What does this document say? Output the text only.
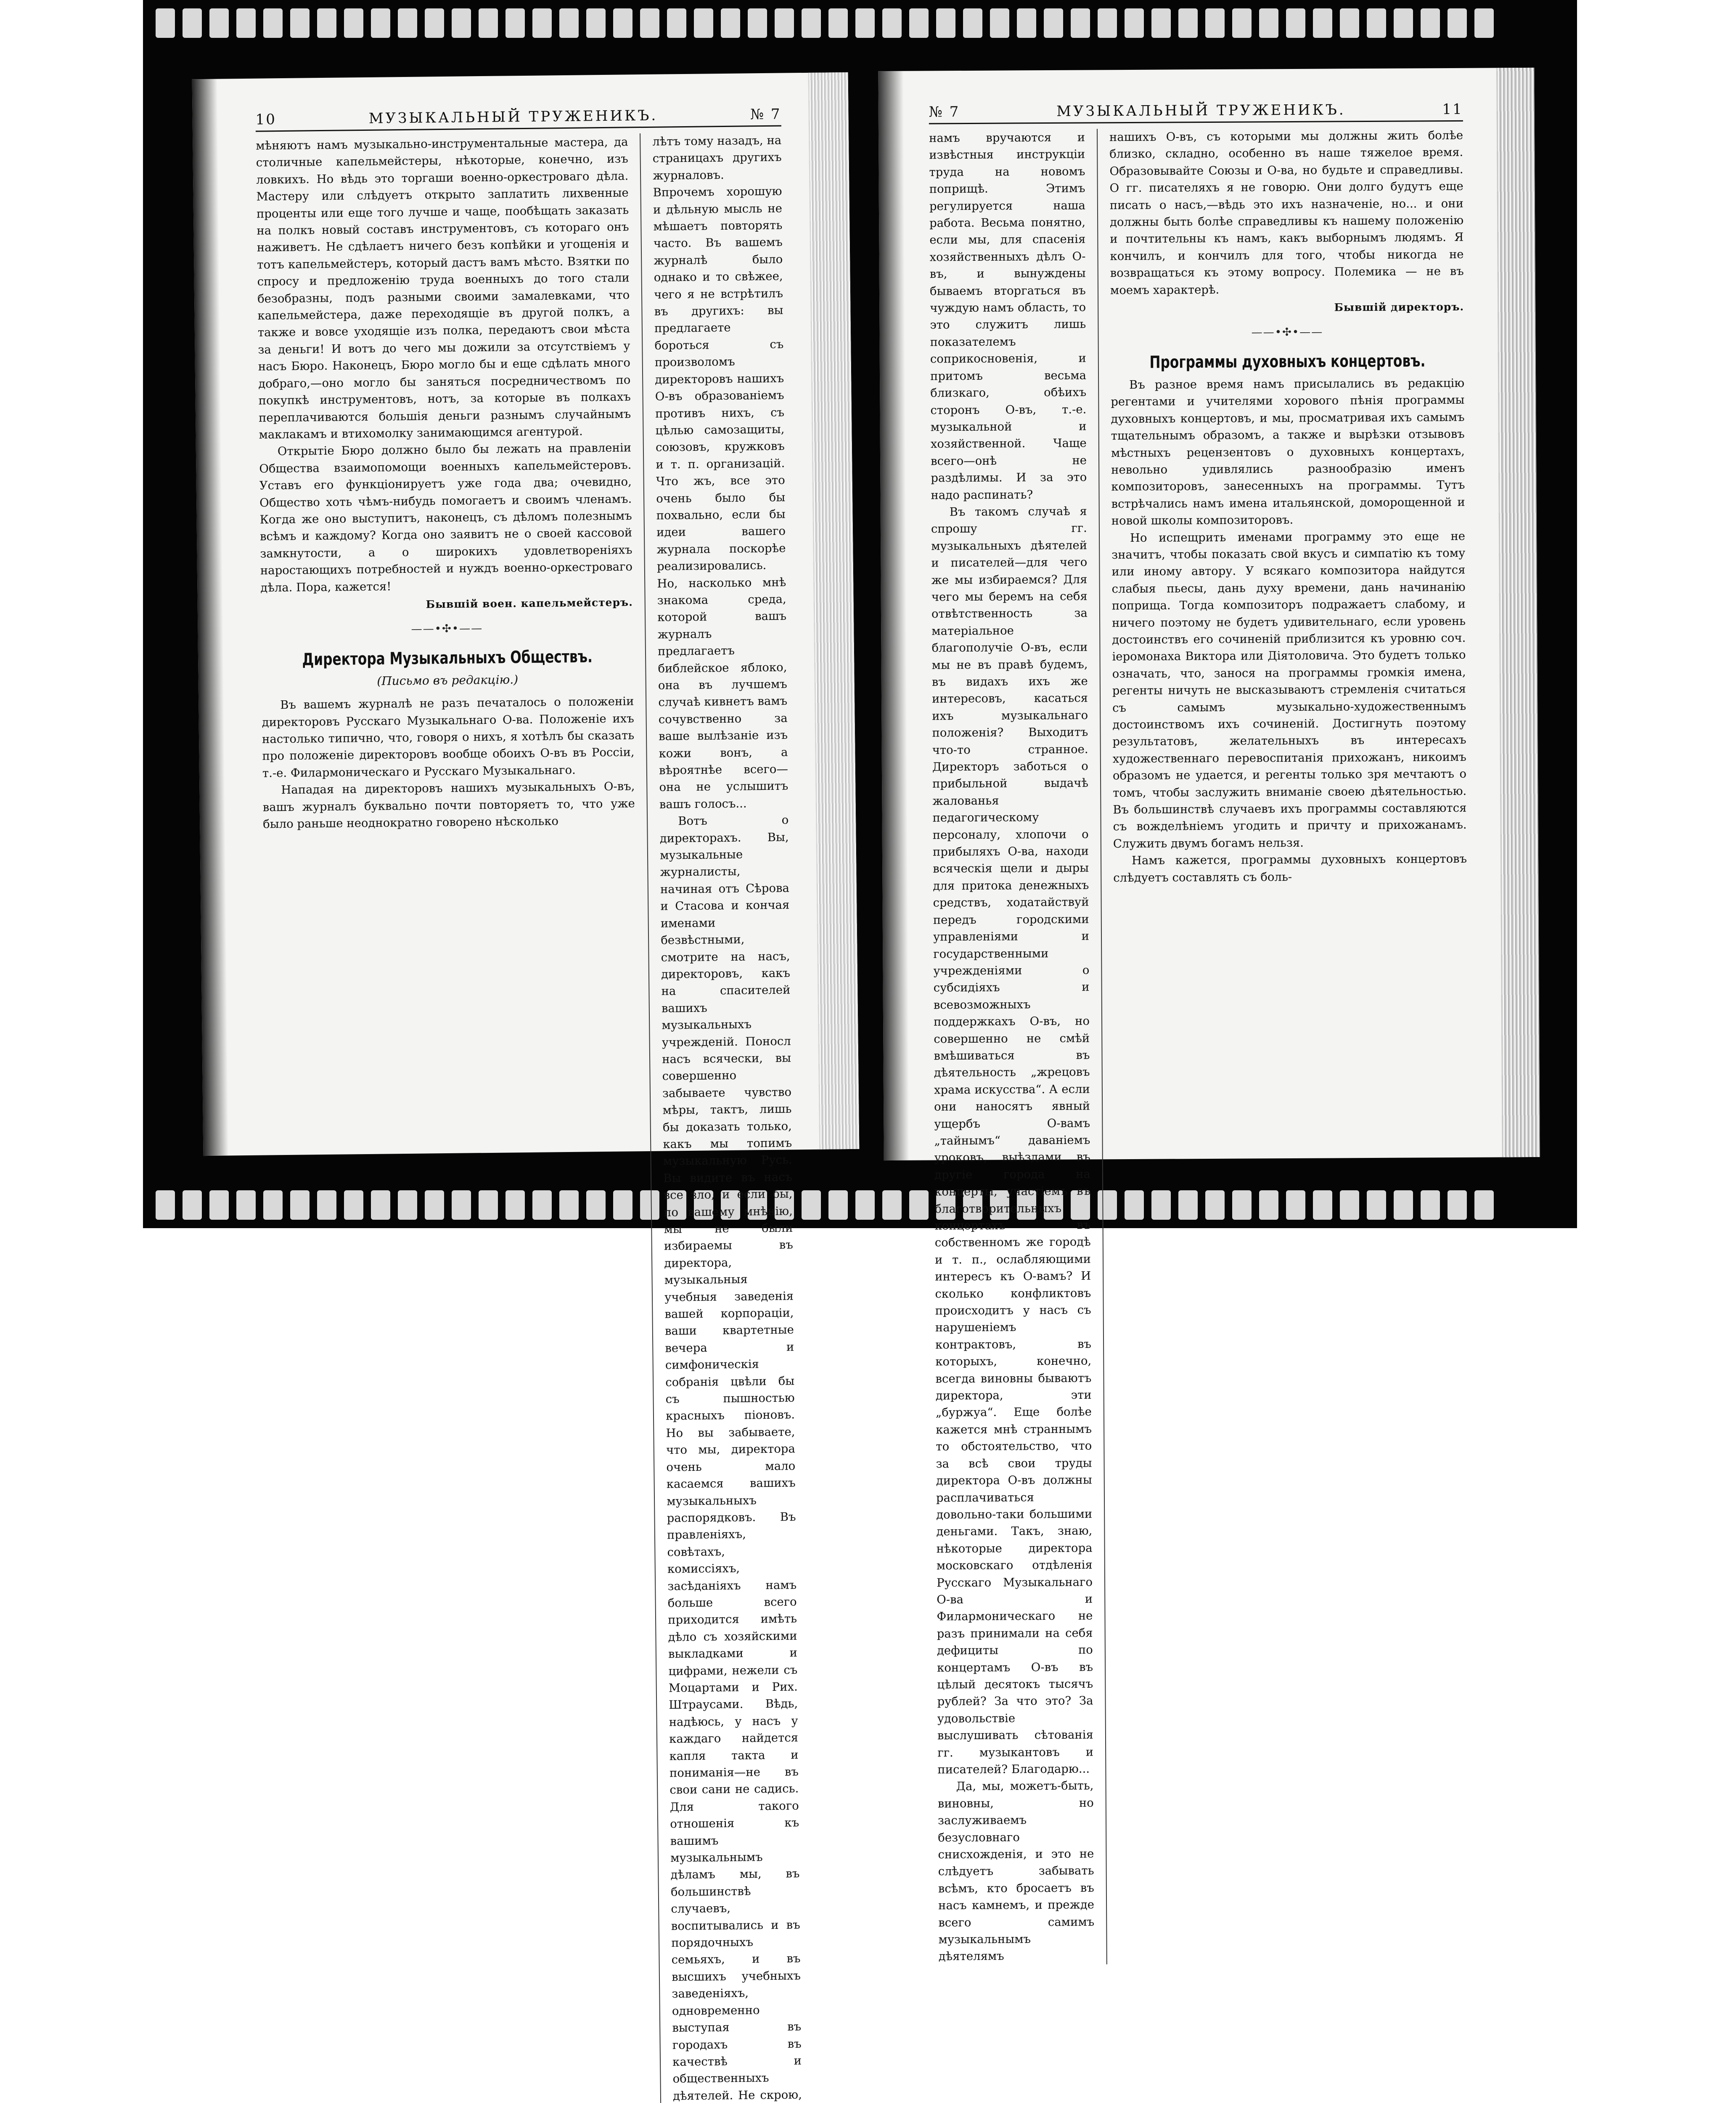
10	МУЗЫКАЛЬНЫЙ ТРУЖЕНИКЪ.	№ 7

мѣняютъ намъ музыкально-инструментальные мастера, да столичные капельмейстеры, нѣкоторые, конечно, изъ ловкихъ. Но вѣдь это торгаши военно-оркестроваго дѣла. Мастеру или слѣдуетъ открыто заплатить лихвенные проценты или еще того лучше и чаще, пообѣщать заказать на полкъ новый составъ инструментовъ, съ котораго онъ наживетъ. Не сдѣлаетъ ничего безъ копѣйки и угощенія и тотъ капельмейстеръ, который дастъ вамъ мѣсто. Взятки по спросу и предложенію труда военныхъ до того стали безобразны, подъ разными своими замалевками, что капельмейстера, даже переходящіе въ другой полкъ, а также и вовсе уходящіе изъ полка, передаютъ свои мѣста за деньги! И вотъ до чего мы дожили за отсутствіемъ у насъ Бюро. Наконецъ, Бюро могло бы и еще сдѣлать много добраго,—оно могло бы заняться посредничествомъ по покупкѣ инструментовъ, нотъ, за которые въ полкахъ переплачиваются большія деньги разнымъ случайнымъ маклакамъ и втихомолку занимающимся агентурой.

Открытіе Бюро должно было бы лежать на правленіи Общества взаимопомощи военныхъ капельмейстеровъ. Уставъ его функціонируетъ уже года два; очевидно, Общество хоть чѣмъ-нибудь помогаетъ и своимъ членамъ. Когда же оно выступитъ, наконецъ, съ дѣломъ полезнымъ всѣмъ и каждому? Когда оно заявитъ не о своей кассовой замкнутости, а о широкихъ удовлетвореніяхъ наростающихъ потребностей и нуждъ военно-оркестроваго дѣла. Пора, кажется!

Бывшій воен. капельмейстеръ.
——•✣•——
Директора Музыкальныхъ Обществъ.
(Письмо въ редакцію.)

Въ вашемъ журналѣ не разъ печаталось о положеніи директоровъ Русскаго Музыкальнаго О-ва. Положеніе ихъ настолько типично, что, говоря о нихъ, я хотѣлъ бы сказать про положеніе директоровъ вообще обоихъ О-въ въ Россіи, т.-е. Филармоническаго и Русскаго Музыкальнаго.

Нападая на директоровъ нашихъ музыкальныхъ О-въ, вашъ журналъ буквально почти повторяетъ то, что уже было раньше неоднократно говорено нѣсколько

лѣтъ тому назадъ, на страницахъ другихъ журналовъ. Впрочемъ хорошую и дѣльную мысль не мѣшаетъ повторять часто. Въ вашемъ журналѣ было однако и то свѣжее, чего я не встрѣтилъ въ другихъ: вы предлагаете бороться съ произволомъ директоровъ нашихъ О-въ образованіемъ противъ нихъ, съ цѣлью самозащиты, союзовъ, кружковъ и т. п. организацій. Что жъ, все это очень было бы похвально, если бы идеи вашего журнала поскорѣе реализировались. Но, насколько мнѣ знакома среда, которой вашъ журналъ предлагаетъ библейское яблоко, она въ лучшемъ случаѣ кивнетъ вамъ сочувственно за ваше вылѣзаніе изъ кожи вонъ, а вѣроятнѣе всего—она не услышитъ вашъ голосъ...

Вотъ о директорахъ. Вы, музыкальные журналисты, начиная отъ Сѣрова и Стасова и кончая именами безвѣстными, смотрите на насъ, директоровъ, какъ на спасителей вашихъ музыкальныхъ учрежденій. Поносл насъ всячески, вы совершенно забываете чувство мѣры, тактъ, лишь бы доказать только, какъ мы топимъ музыкальную Русь. Вы видите въ насъ все зло, и если бы, по вашему мнѣнію, мы не были избираемы въ директора, музыкальныя учебныя заведенія вашей корпораціи, ваши квартетные вечера и симфоническія собранія цвѣли бы съ пышностью красныхъ піоновъ. Но вы забываете, что мы, директора очень мало касаемся вашихъ музыкальныхъ распорядковъ. Въ правленіяхъ, совѣтахъ, комиссіяхъ, засѣданіяхъ намъ больше всего приходится имѣть дѣло съ хозяйскими выкладками и цифрами, нежели съ Моцартами и Рих. Штраусами. Вѣдь, надѣюсь, у насъ у каждаго найдется капля такта и пониманія—не въ свои сани не садись. Для такого отношенія къ вашимъ музыкальнымъ дѣламъ мы, въ большинствѣ случаевъ, воспитывались и въ порядочныхъ семьяхъ, и въ высшихъ учебныхъ заведеніяхъ, одновременно выступая въ городахъ въ качествѣ и общественныхъ дѣятелей. Не скрою,

№ 7	МУЗЫКАЛЬНЫЙ ТРУЖЕНИКЪ.	11

намъ вручаются и извѣстныя инструкціи труда на новомъ поприщѣ. Этимъ регулируется наша работа. Весьма понятно, если мы, для спасенія хозяйственныхъ дѣлъ О-въ, и вынуждены бываемъ вторгаться въ чуждую намъ область, то это служитъ лишь показателемъ соприкосновенія, и притомъ весьма близкаго, обѣихъ сторонъ О-въ, т.-е. музыкальной и хозяйственной. Чаще всего—онѣ не раздѣлимы. И за это надо распинать?

Въ такомъ случаѣ я спрошу гг. музыкальныхъ дѣятелей и писателей—для чего же мы избираемся? Для чего мы беремъ на себя отвѣтственность за матеріальное благополучіе О-въ, если мы не въ правѣ будемъ, въ видахъ ихъ же интересовъ, касаться ихъ музыкальнаго положенія? Выходитъ что-то странное. Директоръ заботься о прибыльной выдачѣ жалованья педагогическому персоналу, хлопочи о прибыляхъ О-ва, находи всяческія щели и дыры для притока денежныхъ средствъ, ходатайствуй передъ городскими управленіями и государственными учрежденіями о субсидіяхъ и всевозможныхъ поддержкахъ О-въ, но совершенно не смѣй вмѣшиваться въ дѣятельность „жрецовъ храма искусства“. А если они наносятъ явный ущербъ О-вамъ „тайнымъ“ даваніемъ уроковъ, выѣздами въ другіе города на концерты, участіемъ въ благотворительныхъ концертахъ въ собственномъ же городѣ и т. п., ослабляющими интересъ къ О-вамъ? И сколько конфликтовъ происходитъ у насъ съ нарушеніемъ контрактовъ, въ которыхъ, конечно, всегда виновны бываютъ директора, эти „буржуа“. Еще болѣе кажется мнѣ страннымъ то обстоятельство, что за всѣ свои труды директора О-въ должны расплачиваться довольно-таки большими деньгами. Такъ, знаю, нѣкоторые директора московскаго отдѣленія Русскаго Музыкальнаго О-ва и Филармоническаго не разъ принимали на себя дефициты по концертамъ О-въ въ цѣлый десятокъ тысячъ рублей? За что это? За удовольствіе выслушивать сѣтованія гг. музыкантовъ и писателей? Благодарю...

Да, мы, можетъ-быть, виновны, но заслуживаемъ безусловнаго снисхожденія, и это не слѣдуетъ забывать всѣмъ, кто бросаетъ въ насъ камнемъ, и прежде всего самимъ музыкальнымъ дѣятелямъ

нашихъ О-въ, съ которыми мы должны жить болѣе близко, складно, особенно въ наше тяжелое время. Образовывайте Союзы и О-ва, но будьте и справедливы. О гг. писателяхъ я не говорю. Они долго будутъ еще писать о насъ,—вѣдь это ихъ назначеніе, но... и они должны быть болѣе справедливы къ нашему положенію и почтительны къ намъ, какъ выборнымъ людямъ. Я кончилъ, и кончилъ для того, чтобы никогда не возвращаться къ этому вопросу. Полемика — не въ моемъ характерѣ.

Бывшій директоръ.
——•✣•——
Программы духовныхъ концертовъ.

Въ разное время намъ присылались въ редакцію регентами и учителями хорового пѣнія программы духовныхъ концертовъ, и мы, просматривая ихъ самымъ тщательнымъ образомъ, а также и вырѣзки отзывовъ мѣстныхъ рецензентовъ о духовныхъ концертахъ, невольно удивлялись разнообразію именъ композиторовъ, занесенныхъ на программы. Тутъ встрѣчались намъ имена итальянской, доморощенной и новой школы композиторовъ.

Но испещрить именами программу это еще не значитъ, чтобы показать свой вкусъ и симпатію къ тому или иному автору. У всякаго композитора найдутся слабыя пьесы, дань духу времени, дань начинанію поприща. Тогда композиторъ подражаетъ слабому, и ничего поэтому не будетъ удивительнаго, если уровень достоинствъ его сочиненій приблизится къ уровню соч. іеромонаха Виктора или Діятоловича. Это будетъ только означать, что, занося на программы громкія имена, регенты ничуть не высказываютъ стремленія считаться съ самымъ музыкально-художественнымъ достоинствомъ ихъ сочиненій. Достигнуть поэтому результатовъ, желательныхъ въ интересахъ художественнаго перевоспитанія прихожанъ, никоимъ образомъ не удается, и регенты только зря мечтаютъ о томъ, чтобы заслужить вниманіе своею дѣятельностью. Въ большинствѣ случаевъ ихъ программы составляются съ вожделѣніемъ угодить и причту и прихожанамъ. Служить двумъ богамъ нельзя.

Намъ кажется, программы духовныхъ концертовъ слѣдуетъ составлять съ боль-
